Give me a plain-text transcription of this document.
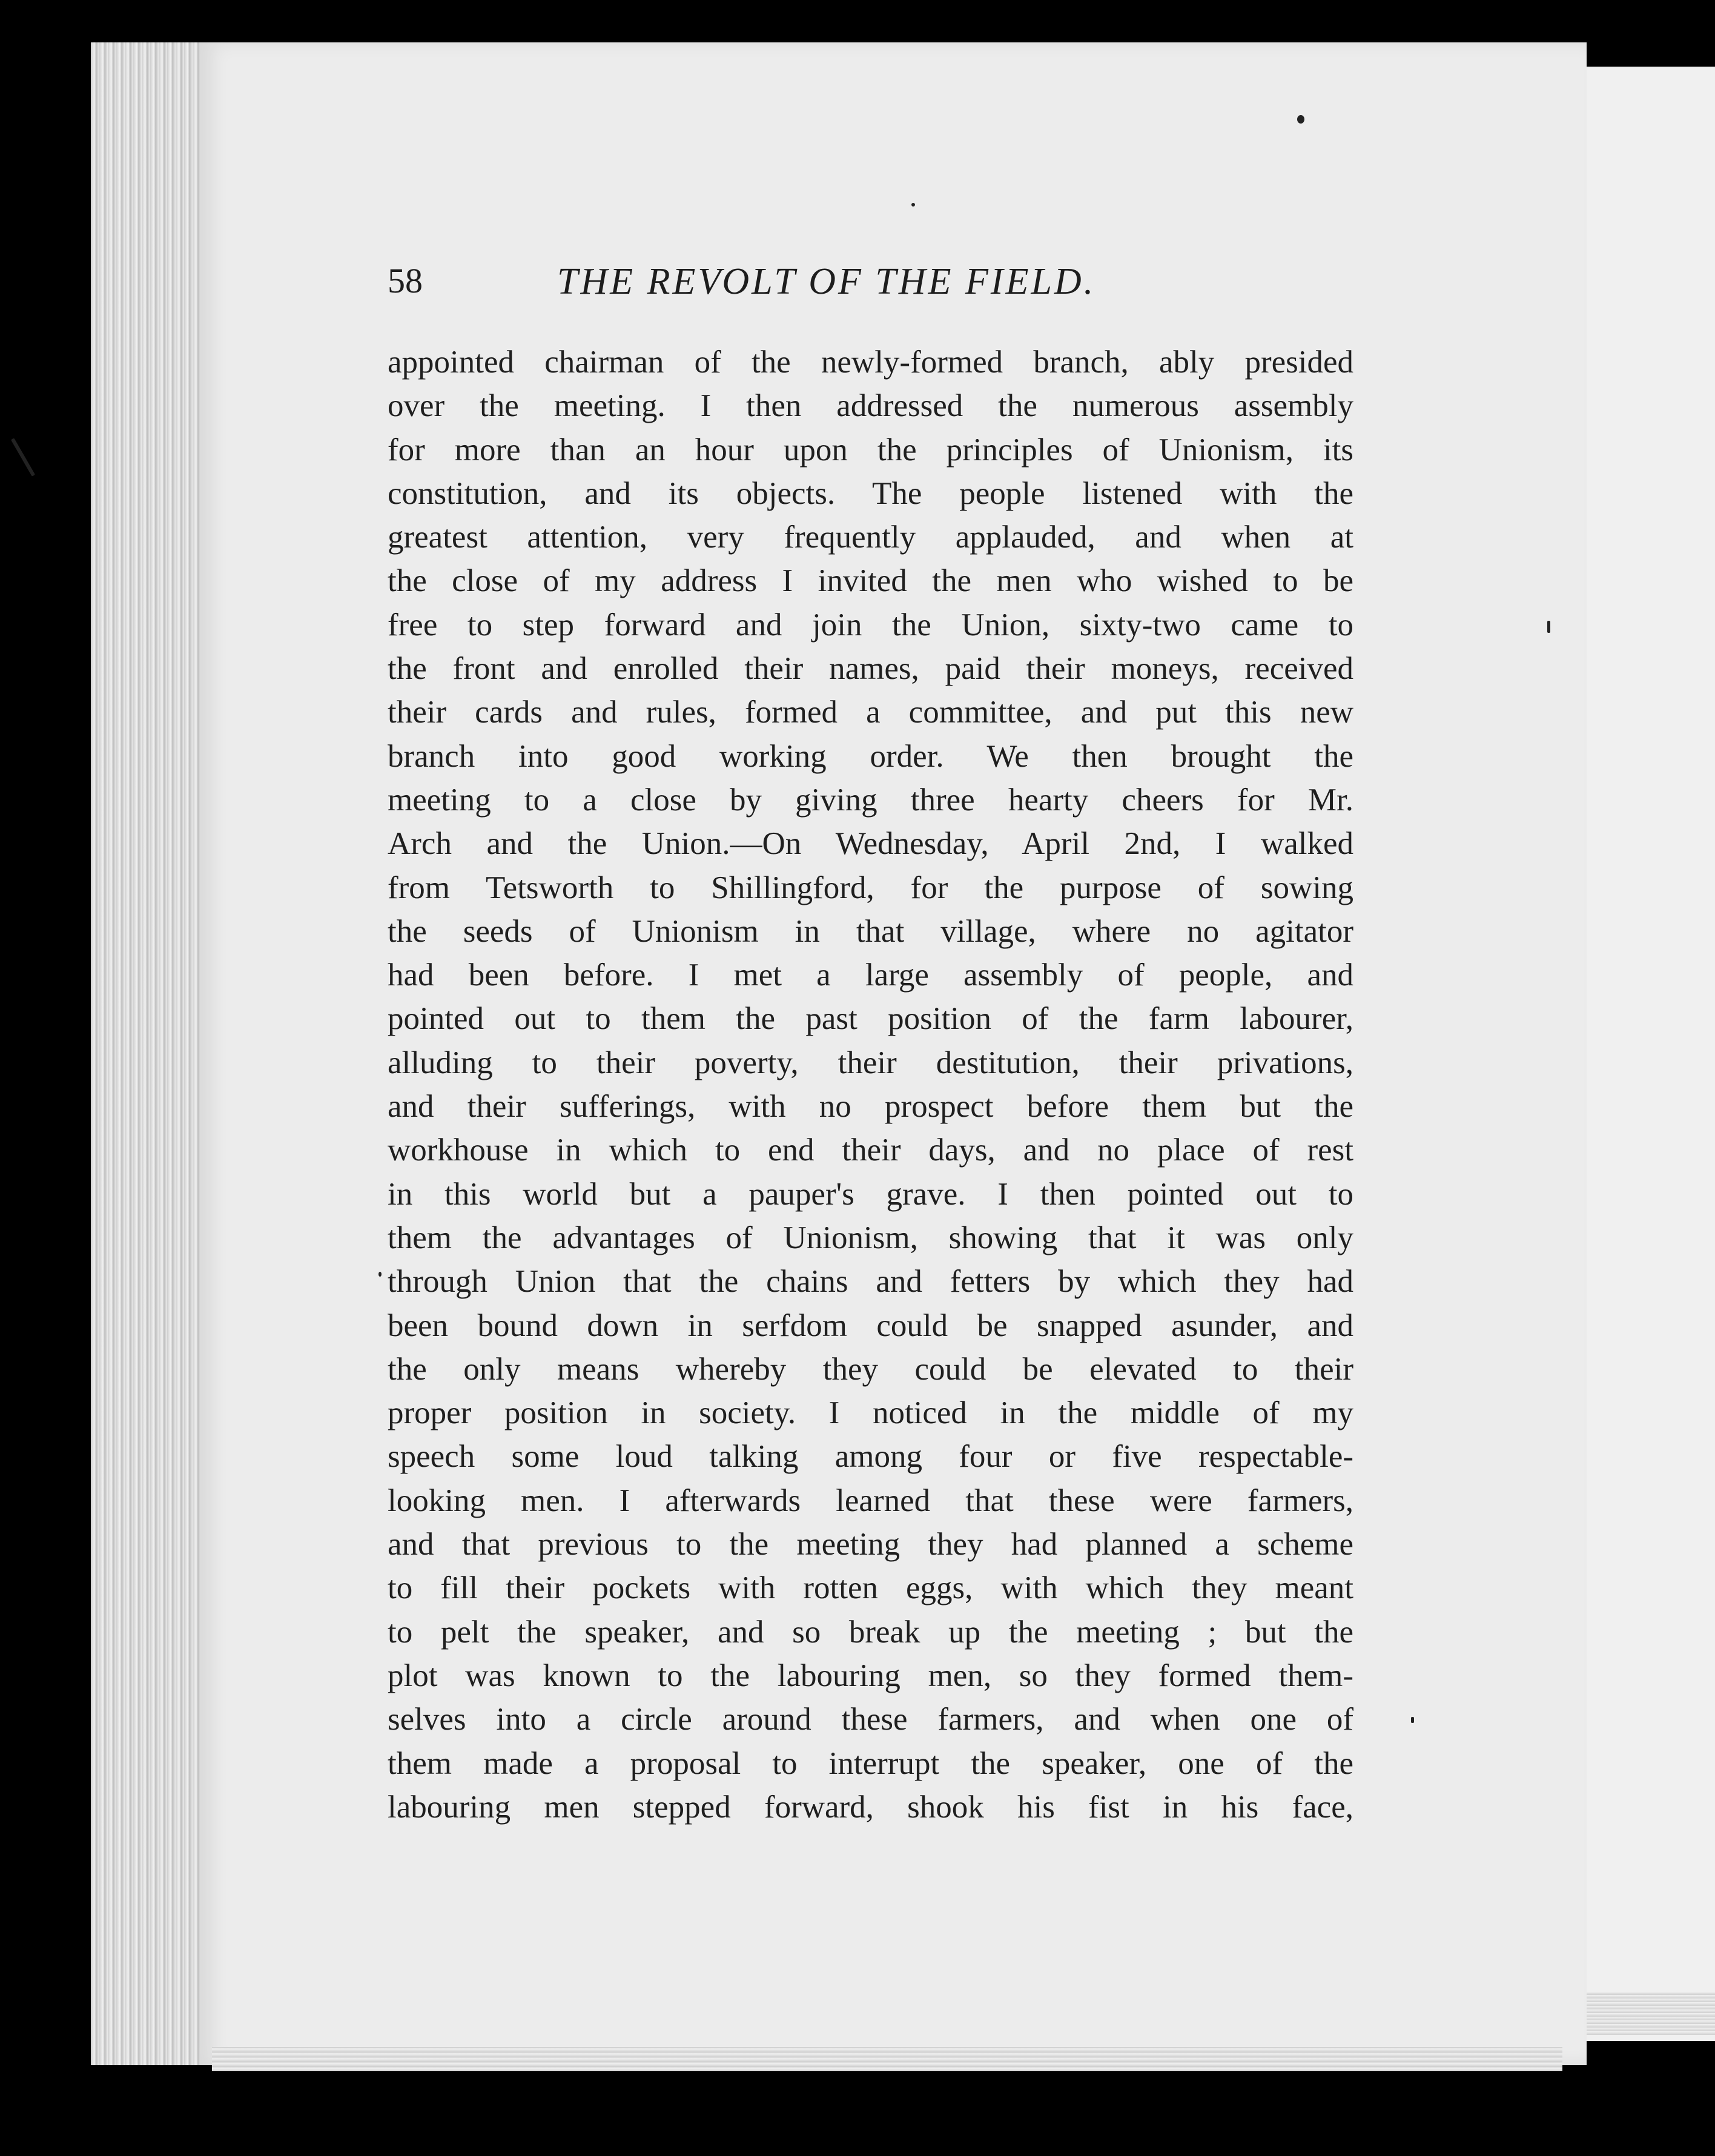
58	THE REVOLT OF THE FIELD.
appointed chairman of the newly-formed branch, ably presided
over the meeting. I then addressed the numerous assembly
for more than an hour upon the principles of Unionism, its
constitution, and its objects. The people listened with the
greatest attention, very frequently applauded, and when at
the close of my address I invited the men who wished to be
free to step forward and join the Union, sixty-two came to
the front and enrolled their names, paid their moneys, received
their cards and rules, formed a committee, and put this new
branch into good working order. We then brought the
meeting to a close by giving three hearty cheers for Mr.
Arch and the Union.—On Wednesday, April 2nd, I walked
from Tetsworth to Shillingford, for the purpose of sowing
the seeds of Unionism in that village, where no agitator
had been before. I met a large assembly of people, and
pointed out to them the past position of the farm labourer,
alluding to their poverty, their destitution, their privations,
and their sufferings, with no prospect before them but the
workhouse in which to end their days, and no place of rest
in this world but a pauper's grave. I then pointed out to
them the advantages of Unionism, showing that it was only
through Union that the chains and fetters by which they had
been bound down in serfdom could be snapped asunder, and
the only means whereby they could be elevated to their
proper position in society. I noticed in the middle of my
speech some loud talking among four or five respectable-
looking men. I afterwards learned that these were farmers,
and that previous to the meeting they had planned a scheme
to fill their pockets with rotten eggs, with which they meant
to pelt the speaker, and so break up the meeting ; but the
plot was known to the labouring men, so they formed them-
selves into a circle around these farmers, and when one of
them made a proposal to interrupt the speaker, one of the
labouring men stepped forward, shook his fist in his face,
